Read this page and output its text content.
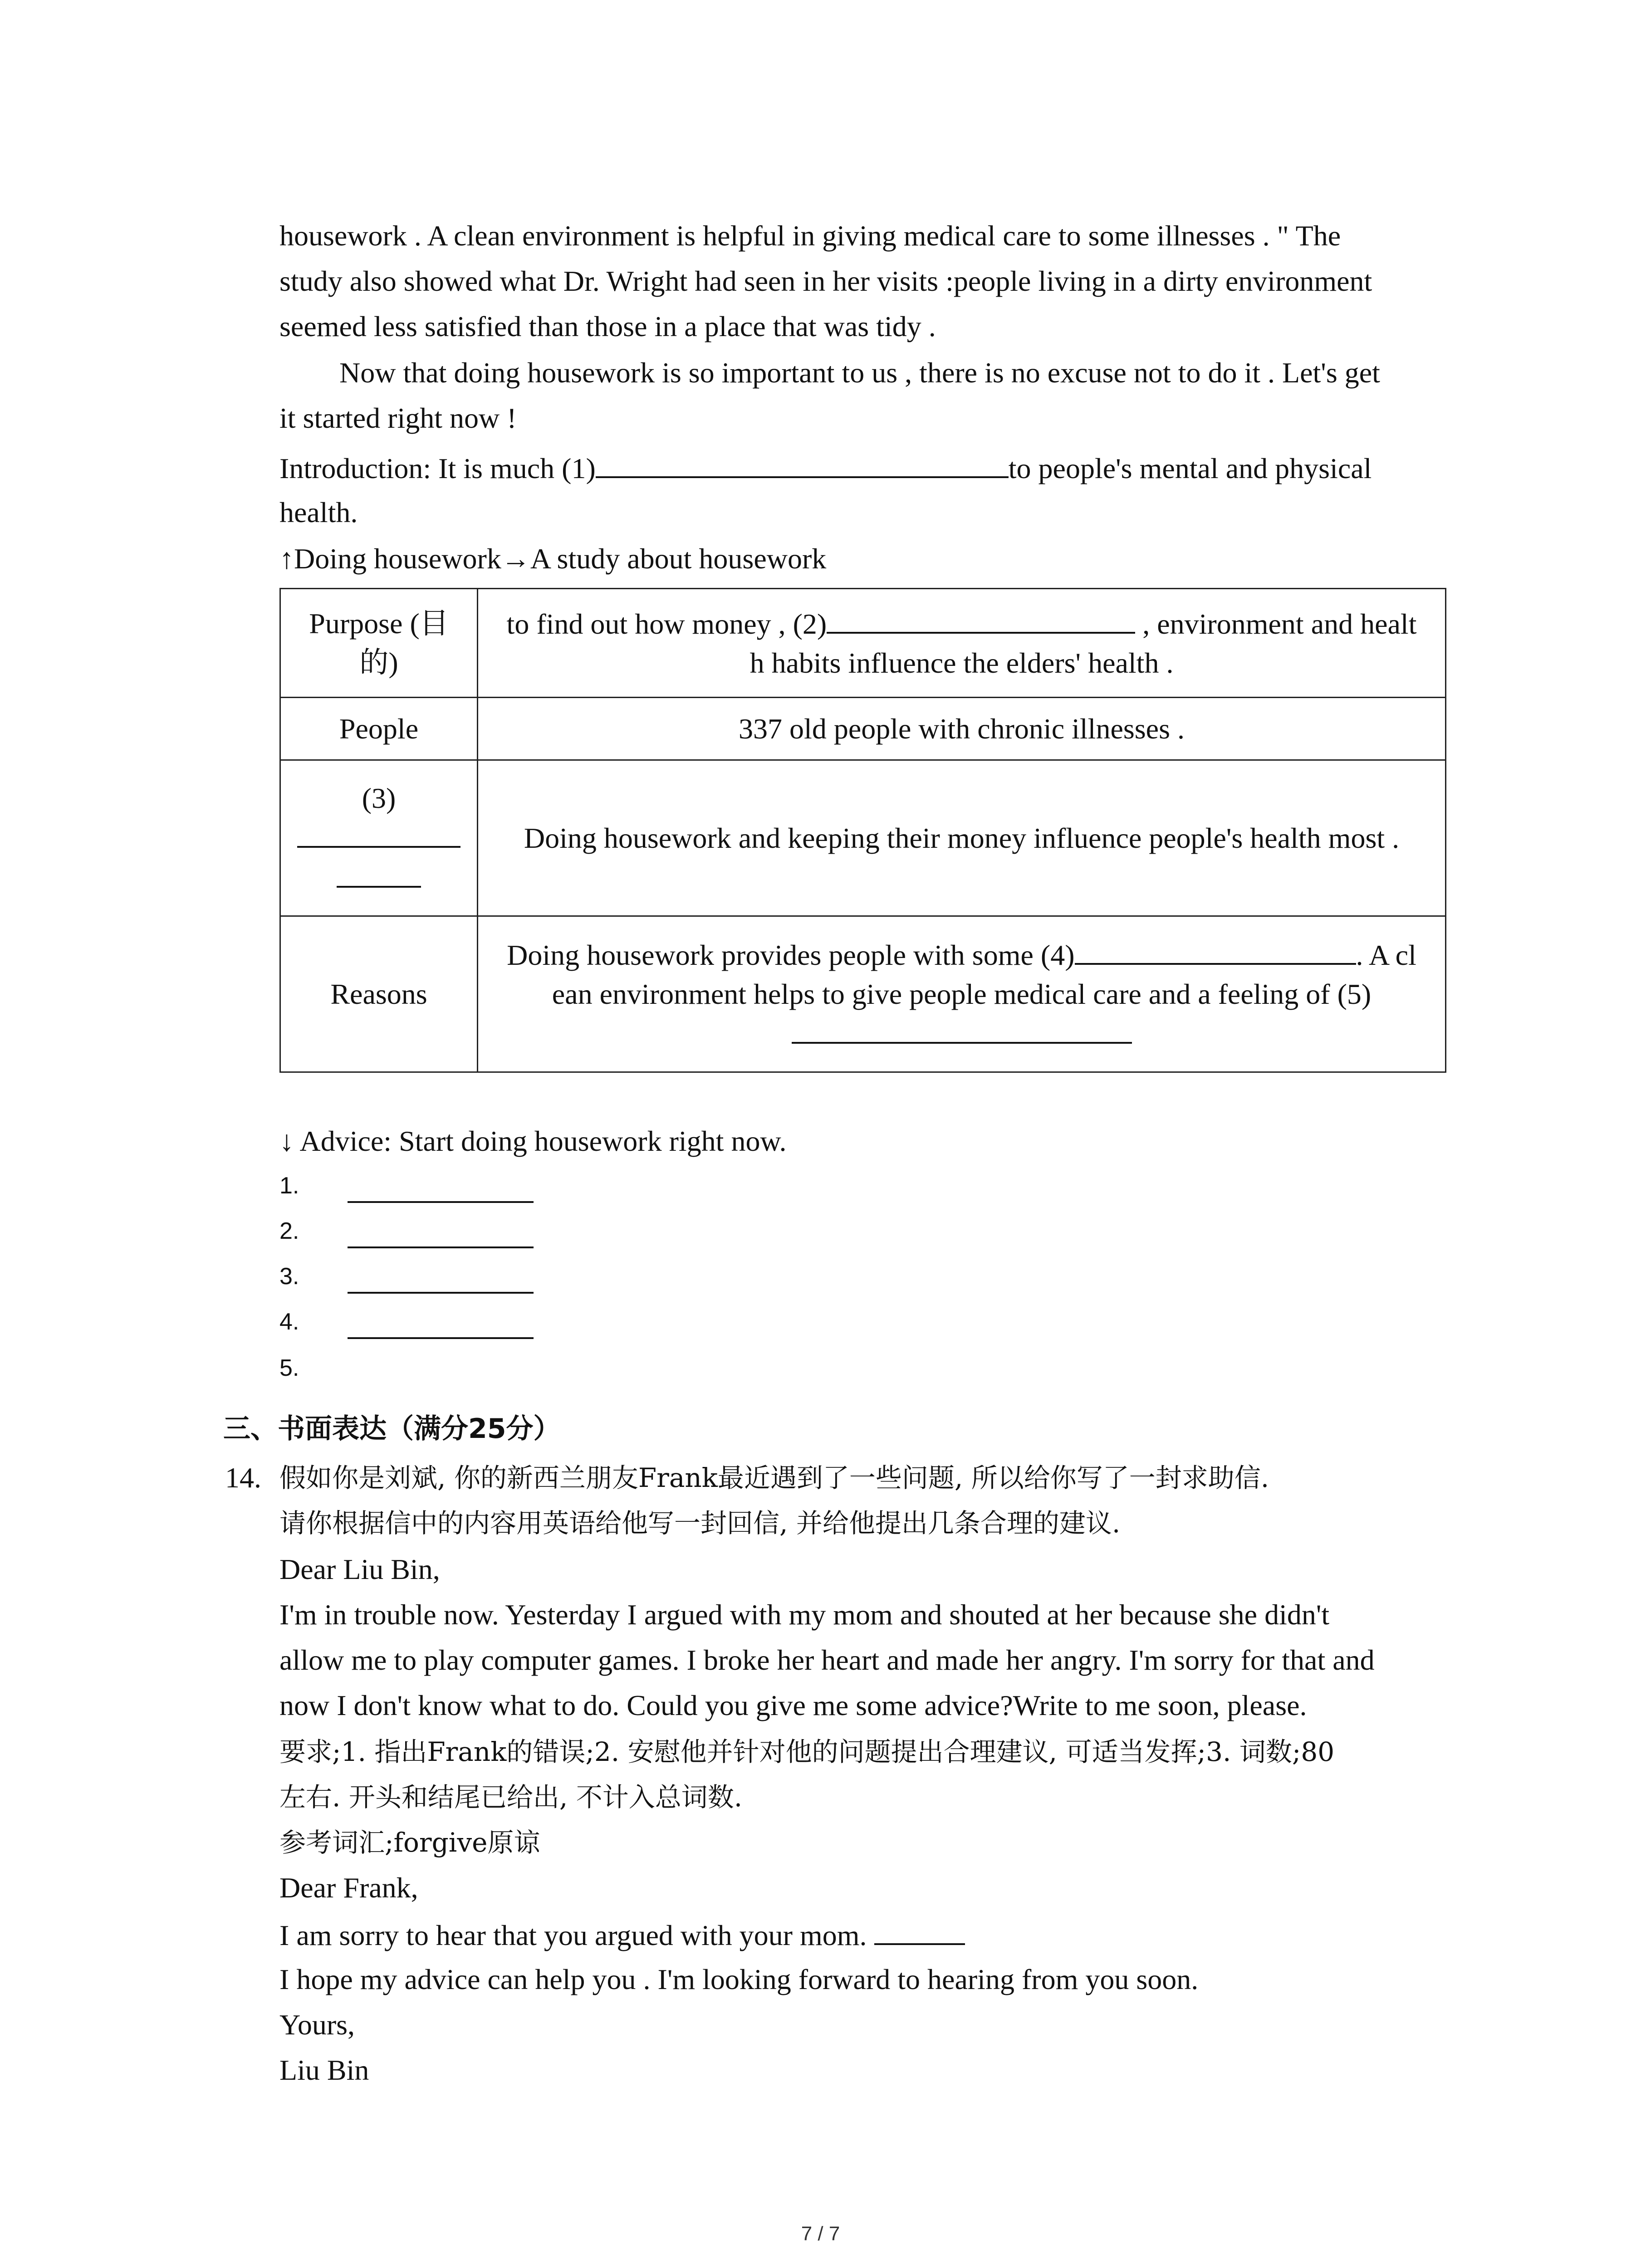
housework . A clean environment is helpful in giving medical care to some illnesses . " The
study also showed what Dr. Wright had seen in her visits :people living in a dirty environment
seemed less satisfied than those in a place that was tidy .
Now that doing housework is so important to us , there is no excuse not to do it . Let's get
it started right now !
Introduction: It is much (1)	to people's mental and physical
health.
↑Doing housework→A study about housework
Purpose (目
的)	to find out how money , (2) , environment and healt
h habits influence the elders' health .
People	337 old people with chronic illnesses .
(3)	Doing housework and keeping their money influence people's health most .
Reasons	Doing housework provides people with some (4) . A cl
ean environment helps to give people medical care and a feeling of (5)

↓ Advice: Start doing housework right now.
1.
2.
3.
4.
5.
三、书面表达（满分25分）
14. 假如你是刘斌, 你的新西兰朋友Frank最近遇到了一些问题, 所以给你写了一封求助信.
请你根据信中的内容用英语给他写一封回信, 并给他提出几条合理的建议.
Dear Liu Bin,
I'm in trouble now. Yesterday I argued with my mom and shouted at her because she didn't
allow me to play computer games. I broke her heart and made her angry. I'm sorry for that and
now I don't know what to do. Could you give me some advice?Write to me soon, please.
要求;1. 指出Frank的错误;2. 安慰他并针对他的问题提出合理建议, 可适当发挥;3. 词数;80
左右. 开头和结尾已给出, 不计入总词数.
参考词汇;forgive原谅
Dear Frank,
I am sorry to hear that you argued with your mom.
I hope my advice can help you . I'm looking forward to hearing from you soon.
Yours,
Liu Bin
7 / 7
